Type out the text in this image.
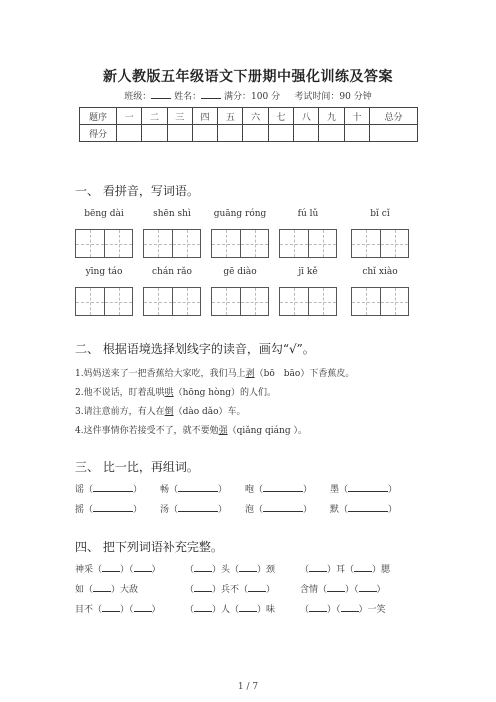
新人教版五年级语文下册期中强化训练及答案
班级：	姓名：	满分：100 分 考试时间：90 分钟
题序	一	二	三	四	五	六	七	八	九	十	总分
得分											
一、 看拼音，写词语。
bēng dài	shēn shì	guāng róng	fú lǔ	bǐ cǐ
yīng táo	chán rǎo	gē diào	jī kě	chǐ xiào
二、 根据语境选择划线字的读音，画勾“√”。
1.妈妈送来了一把香蕉给大家吃，我们马上剥（bō　bāo）下香蕉皮。
2.他不说话，盯着乱哄哄（hōng hòng）的人们。
3.请注意前方，有人在倒（dào dǎo）车。
4.这件事情你若接受不了，就不要勉强（qiǎng qiáng ）。
三、 比一比，再组词。
谣（	） 畅（	） 咆（	） 墨（	）
摇（	） 汤（	） 泡（	） 默（	）
四、 把下列词语补充完整。
神采（ ）（ ）	（ ）头（ ）颈	（ ）耳（ ）腮
如（ ）大敌	（ ）兵不（ ）	含情（ ）（ ）
目不（ ）（ ）	（ ）人（ ）味	（ ）（ ）一笑
1 / 7
